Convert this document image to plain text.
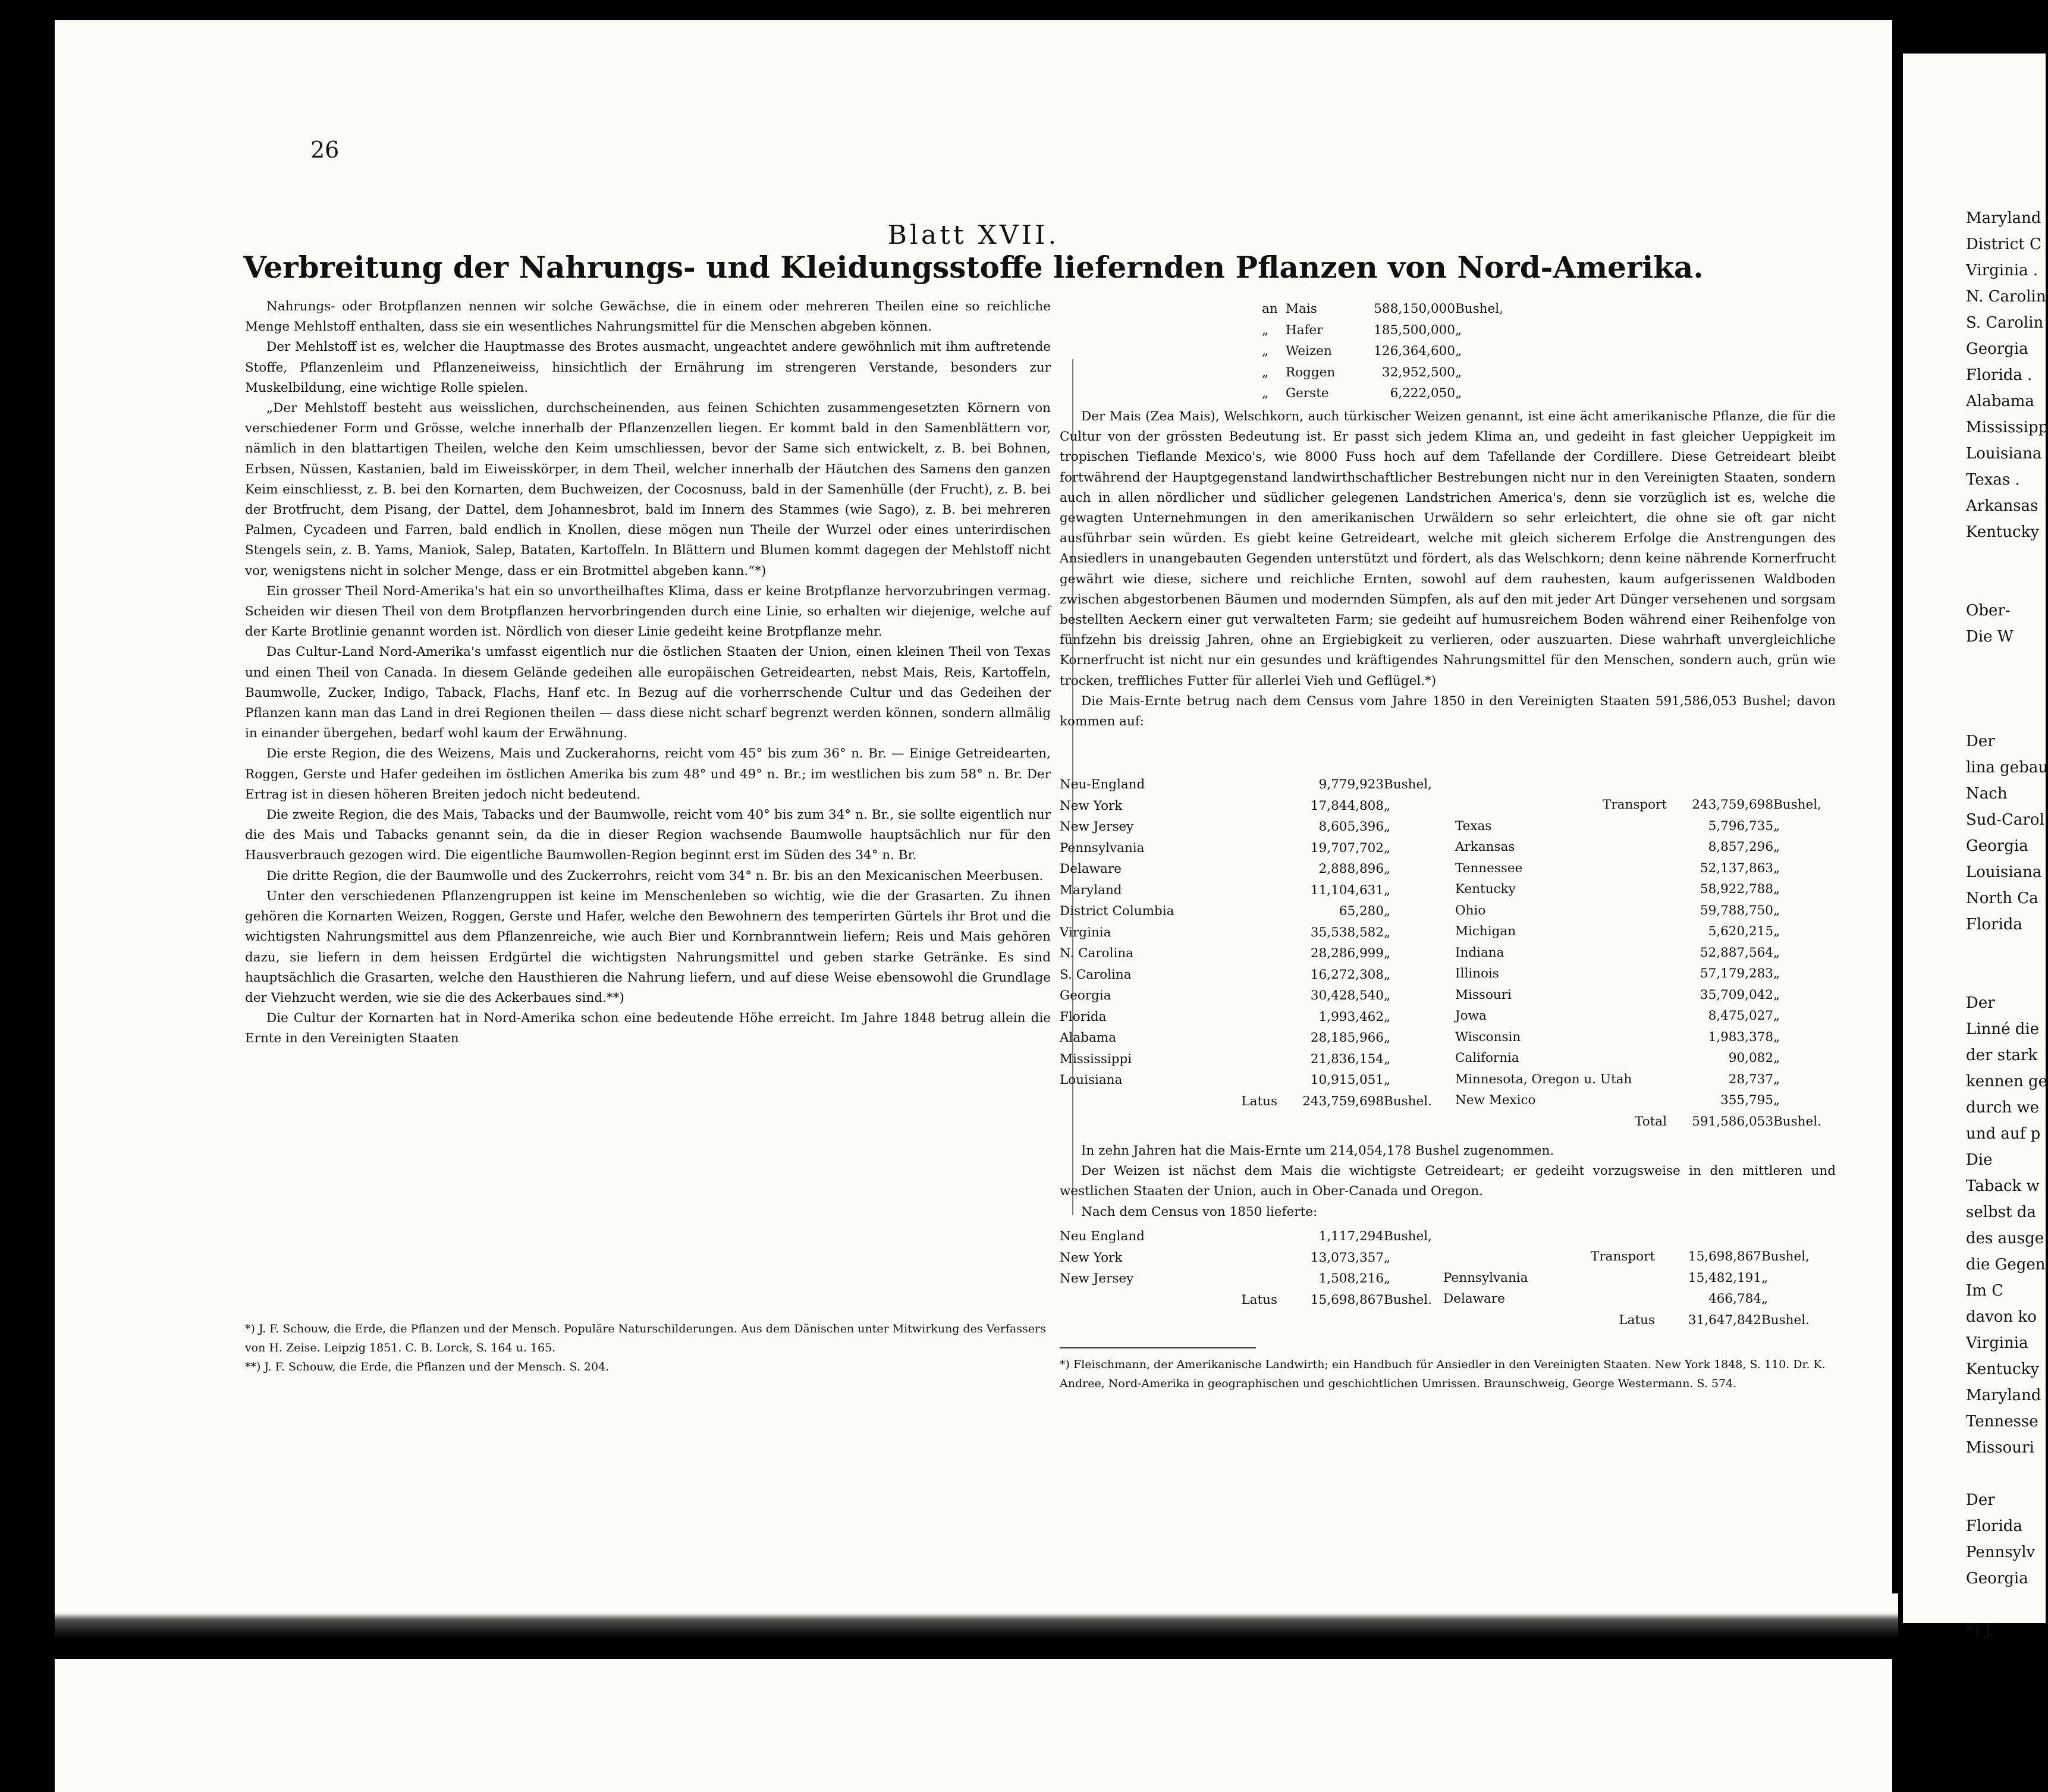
26
Blatt XVII.
Verbreitung der Nahrungs- und Kleidungsstoffe liefernden Pflanzen von Nord-Amerika.

Nahrungs- oder Brotpflanzen nennen wir solche Gewächse, die in einem oder mehreren Theilen eine so reichliche Menge Mehlstoff enthalten, dass sie ein wesentliches Nahrungsmittel für die Menschen abgeben können.

Der Mehlstoff ist es, welcher die Hauptmasse des Brotes ausmacht, ungeachtet andere gewöhnlich mit ihm auftretende Stoffe, Pflanzenleim und Pflanzeneiweiss, hinsichtlich der Ernährung im strengeren Verstande, besonders zur Muskelbildung, eine wichtige Rolle spielen.

„Der Mehlstoff besteht aus weisslichen, durchscheinenden, aus feinen Schichten zusammengesetzten Körnern von verschiedener Form und Grösse, welche innerhalb der Pflanzenzellen liegen. Er kommt bald in den Samenblättern vor, nämlich in den blattartigen Theilen, welche den Keim umschliessen, bevor der Same sich entwickelt, z. B. bei Bohnen, Erbsen, Nüssen, Kastanien, bald im Eiweisskörper, in dem Theil, welcher innerhalb der Häutchen des Samens den ganzen Keim einschliesst, z. B. bei den Kornarten, dem Buchweizen, der Cocosnuss, bald in der Samenhülle (der Frucht), z. B. bei der Brotfrucht, dem Pisang, der Dattel, dem Johannesbrot, bald im Innern des Stammes (wie Sago), z. B. bei mehreren Palmen, Cycadeen und Farren, bald endlich in Knollen, diese mögen nun Theile der Wurzel oder eines unterirdischen Stengels sein, z. B. Yams, Maniok, Salep, Bataten, Kartoffeln. In Blättern und Blumen kommt dagegen der Mehlstoff nicht vor, wenigstens nicht in solcher Menge, dass er ein Brotmittel abgeben kann.“*)

Ein grosser Theil Nord-Amerika's hat ein so unvortheilhaftes Klima, dass er keine Brotpflanze hervorzubringen vermag. Scheiden wir diesen Theil von dem Brotpflanzen hervorbringenden durch eine Linie, so erhalten wir diejenige, welche auf der Karte Brotlinie genannt worden ist. Nördlich von dieser Linie gedeiht keine Brotpflanze mehr.

Das Cultur-Land Nord-Amerika's umfasst eigentlich nur die östlichen Staaten der Union, einen kleinen Theil von Texas und einen Theil von Canada. In diesem Gelände gedeihen alle europäischen Getreidearten, nebst Mais, Reis, Kartoffeln, Baumwolle, Zucker, Indigo, Taback, Flachs, Hanf etc. In Bezug auf die vorherrschende Cultur und das Gedeihen der Pflanzen kann man das Land in drei Regionen theilen — dass diese nicht scharf begrenzt werden können, sondern allmälig in einander übergehen, bedarf wohl kaum der Erwähnung.

Die erste Region, die des Weizens, Mais und Zuckerahorns, reicht vom 45° bis zum 36° n. Br. — Einige Getreidearten, Roggen, Gerste und Hafer gedeihen im östlichen Amerika bis zum 48° und 49° n. Br.; im westlichen bis zum 58° n. Br. Der Ertrag ist in diesen höheren Breiten jedoch nicht bedeutend.

Die zweite Region, die des Mais, Tabacks und der Baumwolle, reicht vom 40° bis zum 34° n. Br., sie sollte eigentlich nur die des Mais und Tabacks genannt sein, da die in dieser Region wachsende Baumwolle hauptsächlich nur für den Hausverbrauch gezogen wird. Die eigentliche Baumwollen-Region beginnt erst im Süden des 34° n. Br.

Die dritte Region, die der Baumwolle und des Zuckerrohrs, reicht vom 34° n. Br. bis an den Mexicanischen Meerbusen.

Unter den verschiedenen Pflanzengruppen ist keine im Menschenleben so wichtig, wie die der Grasarten. Zu ihnen gehören die Kornarten Weizen, Roggen, Gerste und Hafer, welche den Bewohnern des temperirten Gürtels ihr Brot und die wichtigsten Nahrungsmittel aus dem Pflanzenreiche, wie auch Bier und Kornbranntwein liefern; Reis und Mais gehören dazu, sie liefern in dem heissen Erdgürtel die wichtigsten Nahrungsmittel und geben starke Getränke. Es sind hauptsächlich die Grasarten, welche den Hausthieren die Nahrung liefern, und auf diese Weise ebensowohl die Grundlage der Viehzucht werden, wie sie die des Ackerbaues sind.**)

Die Cultur der Kornarten hat in Nord-Amerika schon eine bedeutende Höhe erreicht. Im Jahre 1848 betrug allein die Ernte in den Vereinigten Staaten

*) J. F. Schouw, die Erde, die Pflanzen und der Mensch. Populäre Naturschilderungen. Aus dem Dänischen unter Mitwirkung des Verfassers von H. Zeise. Leipzig 1851. C. B. Lorck, S. 164 u. 165.

**) J. F. Schouw, die Erde, die Pflanzen und der Mensch. S. 204.

an	Mais	588,150,000	Bushel,
„	Hafer	185,500,000	„
„	Weizen	126,364,600	„
„	Roggen	32,952,500	„
„	Gerste	6,222,050	„

Der Mais (Zea Mais), Welschkorn, auch türkischer Weizen genannt, ist eine ächt amerikanische Pflanze, die für die Cultur von der grössten Bedeutung ist. Er passt sich jedem Klima an, und gedeiht in fast gleicher Ueppigkeit im tropischen Tieflande Mexico's, wie 8000 Fuss hoch auf dem Tafellande der Cordillere. Diese Getreideart bleibt fortwährend der Hauptgegenstand landwirthschaftlicher Bestrebungen nicht nur in den Vereinigten Staaten, sondern auch in allen nördlicher und südlicher gelegenen Landstrichen America's, denn sie vorzüglich ist es, welche die gewagten Unternehmungen in den amerikanischen Urwäldern so sehr erleichtert, die ohne sie oft gar nicht ausführbar sein würden. Es giebt keine Getreideart, welche mit gleich sicherem Erfolge die Anstrengungen des Ansiedlers in unangebauten Gegenden unterstützt und fördert, als das Welschkorn; denn keine nährende Kornerfrucht gewährt wie diese, sichere und reichliche Ernten, sowohl auf dem rauhesten, kaum aufgerissenen Waldboden zwischen abgestorbenen Bäumen und modernden Sümpfen, als auf den mit jeder Art Dünger versehenen und sorgsam bestellten Aeckern einer gut verwalteten Farm; sie gedeiht auf humusreichem Boden während einer Reihenfolge von fünfzehn bis dreissig Jahren, ohne an Ergiebigkeit zu verlieren, oder auszuarten. Diese wahrhaft unvergleichliche Kornerfrucht ist nicht nur ein gesundes und kräftigendes Nahrungsmittel für den Menschen, sondern auch, grün wie trocken, treffliches Futter für allerlei Vieh und Geflügel.*)

Die Mais-Ernte betrug nach dem Census vom Jahre 1850 in den Vereinigten Staaten 591,586,053 Bushel; davon kommen auf:

Neu-England	9,779,923	Bushel,
New York	17,844,808	„
New Jersey	8,605,396	„
Pennsylvania	19,707,702	„
Delaware	2,888,896	„
Maryland	11,104,631	„
District Columbia	65,280	„
Virginia	35,538,582	„
N. Carolina	28,286,999	„
S. Carolina	16,272,308	„
Georgia	30,428,540	„
Florida	1,993,462	„
Alabama	28,185,966	„
Mississippi	21,836,154	„
Louisiana	10,915,051	„
Latus	243,759,698	Bushel.
Transport	243,759,698	Bushel,
Texas	5,796,735	„
Arkansas	8,857,296	„
Tennessee	52,137,863	„
Kentucky	58,922,788	„
Ohio	59,788,750	„
Michigan	5,620,215	„
Indiana	52,887,564	„
Illinois	57,179,283	„
Missouri	35,709,042	„
Jowa	8,475,027	„
Wisconsin	1,983,378	„
California	90,082	„
Minnesota, Oregon u. Utah	28,737	„
New Mexico	355,795	„
Total	591,586,053	Bushel.

In zehn Jahren hat die Mais-Ernte um 214,054,178 Bushel zugenommen.

Der Weizen ist nächst dem Mais die wichtigste Getreideart; er gedeiht vorzugsweise in den mittleren und westlichen Staaten der Union, auch in Ober-Canada und Oregon.

Nach dem Census von 1850 lieferte:

Neu England	1,117,294	Bushel,
New York	13,073,357	„
New Jersey	1,508,216	„
Latus	15,698,867	Bushel.
Transport	15,698,867	Bushel,
Pennsylvania	15,482,191	„
Delaware	466,784	„
Latus	31,647,842	Bushel.
*) Fleischmann, der Amerikanische Landwirth; ein Handbuch für Ansiedler in den Vereinigten Staaten. New York 1848, S. 110. Dr. K. Andree, Nord-Amerika in geographischen und geschichtlichen Umrissen. Braunschweig, George Westermann. S. 574.
Maryland
District C
Virginia .
N. Carolin
S. Carolin
Georgia
Florida .
Alabama
Mississipp
Louisiana
Texas .
Arkansas
Kentucky

Ober-
Die W

Der
lina gebau
Nach
Sud-Carol
Georgia
Louisiana
North Ca
Florida

Der
Linné die
der stark
kennen ge
durch we
und auf p
Die
Taback w
selbst da
des ausge
die Gegen
Im C
davon ko
Virginia
Kentucky
Maryland
Tennesse
Missouri

Der
Florida
Pennsylv
Georgia

*) J.
